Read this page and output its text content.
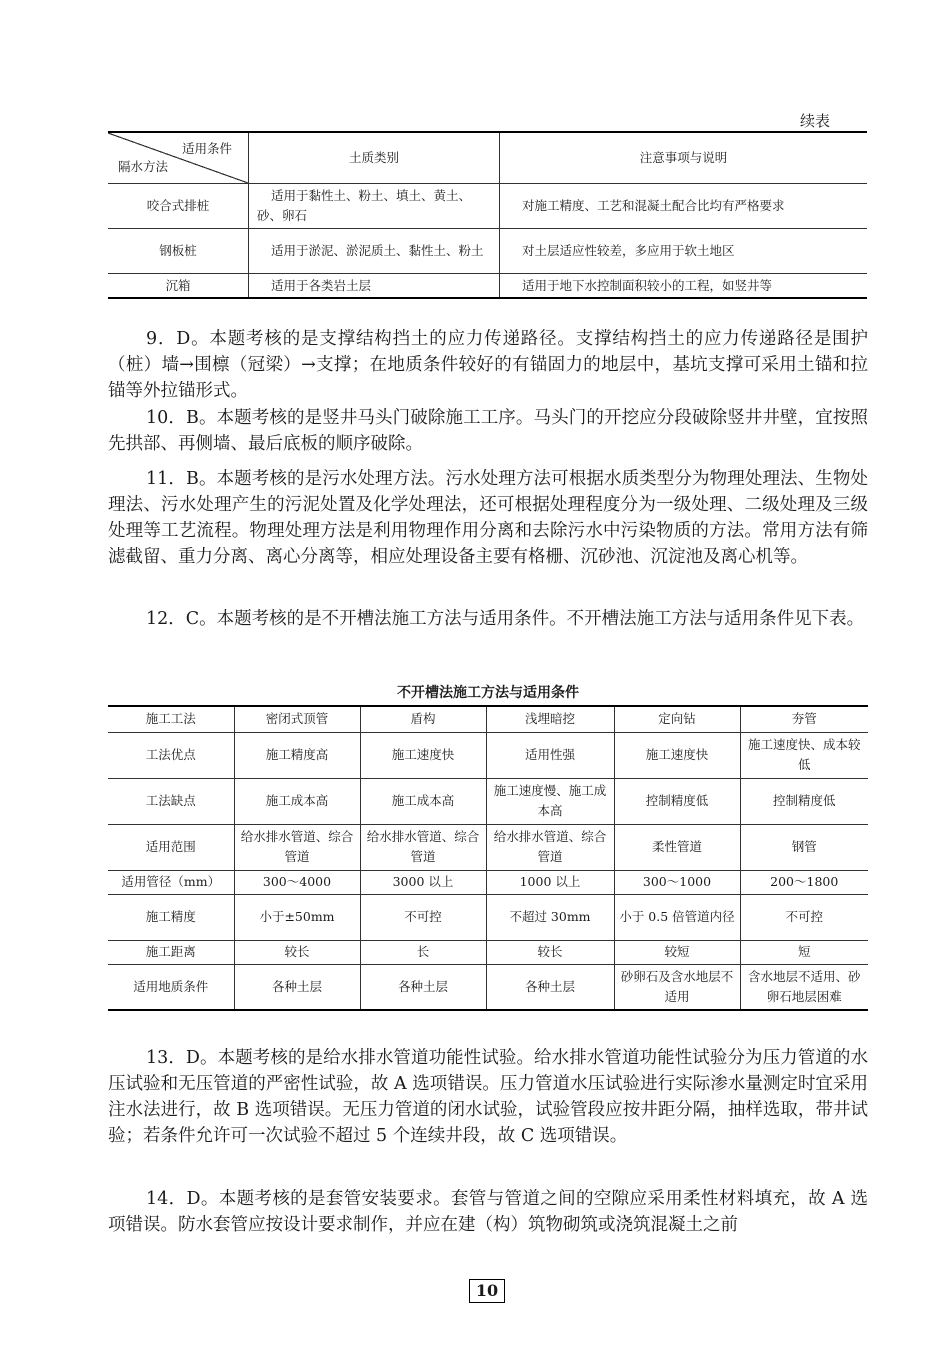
续表
适用条件
隔水方法	土质类别	注意事项与说明
咬合式排桩	适用于黏性土、粉土、填土、黄土、砂、卵石	对施工精度、工艺和混凝土配合比均有严格要求
钢板桩	适用于淤泥、淤泥质土、黏性土、粉土	对土层适应性较差，多应用于软土地区
沉箱	适用于各类岩土层	适用于地下水控制面积较小的工程，如竖井等

9．D。本题考核的是支撑结构挡土的应力传递路径。支撑结构挡土的应力传递路径是围护（桩）墙→围檩（冠梁）→支撑；在地质条件较好的有锚固力的地层中，基坑支撑可采用土锚和拉锚等外拉锚形式。

10．B。本题考核的是竖井马头门破除施工工序。马头门的开挖应分段破除竖井井壁，宜按照先拱部、再侧墙、最后底板的顺序破除。

11．B。本题考核的是污水处理方法。污水处理方法可根据水质类型分为物理处理法、生物处理法、污水处理产生的污泥处置及化学处理法，还可根据处理程度分为一级处理、二级处理及三级处理等工艺流程。物理处理方法是利用物理作用分离和去除污水中污染物质的方法。常用方法有筛滤截留、重力分离、离心分离等，相应处理设备主要有格栅、沉砂池、沉淀池及离心机等。

12．C。本题考核的是不开槽法施工方法与适用条件。不开槽法施工方法与适用条件见下表。

不开槽法施工方法与适用条件
施工工法	密闭式顶管	盾构	浅埋暗挖	定向钻	夯管
工法优点	施工精度高	施工速度快	适用性强	施工速度快	施工速度快、成本较低
工法缺点	施工成本高	施工成本高	施工速度慢、施工成本高	控制精度低	控制精度低
适用范围	给水排水管道、综合管道	给水排水管道、综合管道	给水排水管道、综合管道	柔性管道	钢管
适用管径（mm）	300～4000	3000 以上	1000 以上	300～1000	200～1800
施工精度	小于±50mm	不可控	不超过 30mm	小于 0.5 倍管道内径	不可控
施工距离	较长	长	较长	较短	短
适用地质条件	各种土层	各种土层	各种土层	砂卵石及含水地层不适用	含水地层不适用、砂卵石地层困难

13．D。本题考核的是给水排水管道功能性试验。给水排水管道功能性试验分为压力管道的水压试验和无压管道的严密性试验，故 A 选项错误。压力管道水压试验进行实际渗水量测定时宜采用注水法进行，故 B 选项错误。无压力管道的闭水试验，试验管段应按井距分隔，抽样选取，带井试验；若条件允许可一次试验不超过 5 个连续井段，故 C 选项错误。

14．D。本题考核的是套管安装要求。套管与管道之间的空隙应采用柔性材料填充，故 A 选项错误。防水套管应按设计要求制作，并应在建（构）筑物砌筑或浇筑混凝土之前

10
